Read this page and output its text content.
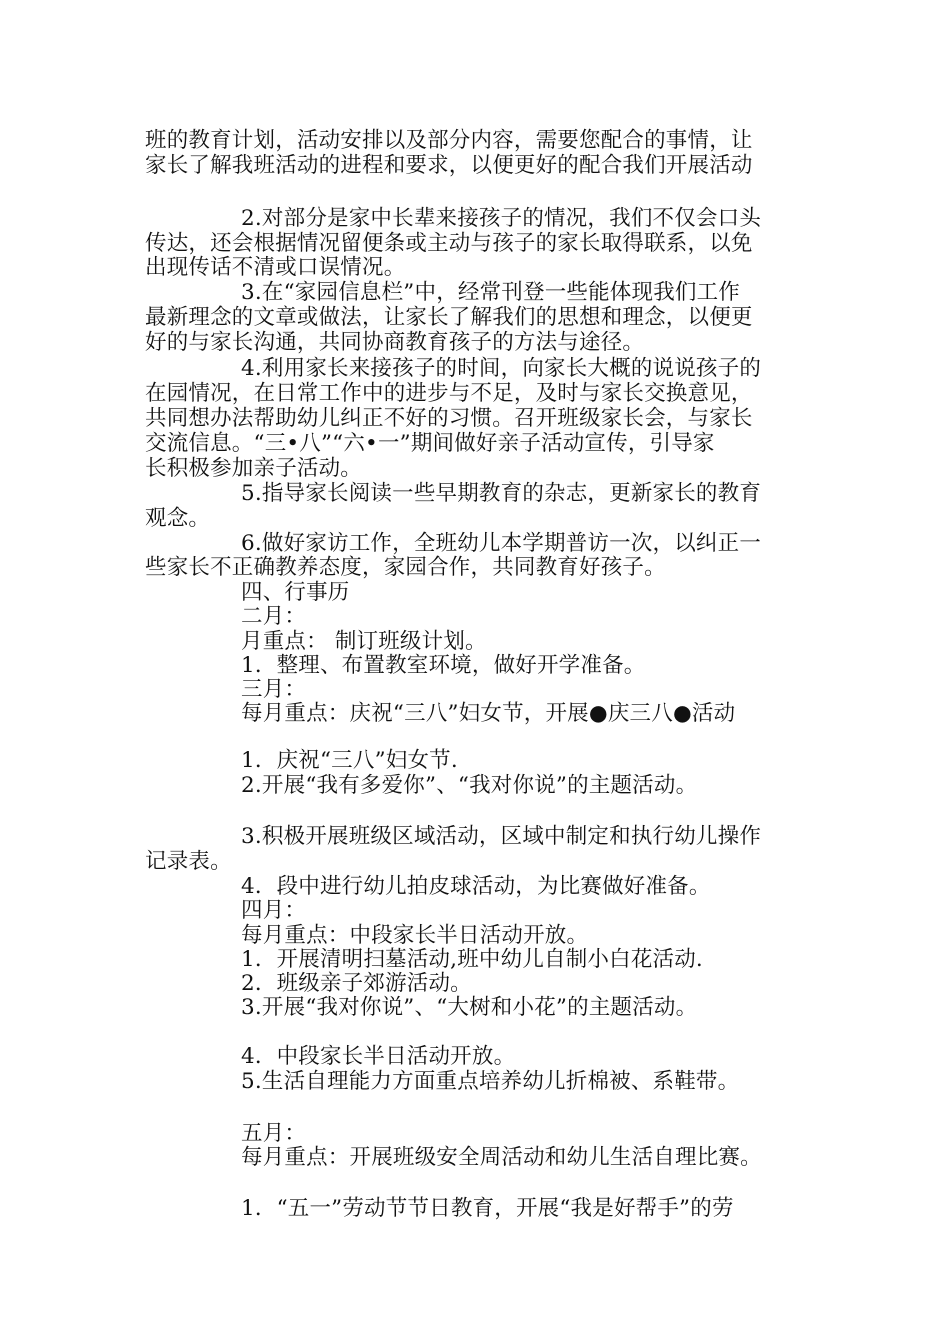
班的教育计划，活动安排以及部分内容，需要您配合的事情，让
家长了解我班活动的进程和要求，以便更好的配合我们开展活动
2.对部分是家中长辈来接孩子的情况，我们不仅会口头
传达，还会根据情况留便条或主动与孩子的家长取得联系，以免
出现传话不清或口误情况。
3.在“家园信息栏”中，经常刊登一些能体现我们工作
最新理念的文章或做法，让家长了解我们的思想和理念，以便更
好的与家长沟通，共同协商教育孩子的方法与途径。
4.利用家长来接孩子的时间，向家长大概的说说孩子的
在园情况，在日常工作中的进步与不足，及时与家长交换意见，
共同想办法帮助幼儿纠正不好的习惯。召开班级家长会，与家长
交流信息。“三•八”“六•一”期间做好亲子活动宣传，引导家
长积极参加亲子活动。
5.指导家长阅读一些早期教育的杂志，更新家长的教育
观念。
6.做好家访工作，全班幼儿本学期普访一次，以纠正一
些家长不正确教养态度，家园合作，共同教育好孩子。
四、行事历
二月：
月重点： 制订班级计划。
1．整理、布置教室环境，做好开学准备。
三月：
每月重点：庆祝“三八”妇女节，开展●庆三八●活动
1．庆祝“三八”妇女节.
2.开展“我有多爱你”、“我对你说”的主题活动。
3.积极开展班级区域活动，区域中制定和执行幼儿操作
记录表。
4．段中进行幼儿拍皮球活动，为比赛做好准备。
四月：
每月重点：中段家长半日活动开放。
1．开展清明扫墓活动,班中幼儿自制小白花活动.
2．班级亲子郊游活动。
3.开展“我对你说”、“大树和小花”的主题活动。
4．中段家长半日活动开放。
5.生活自理能力方面重点培养幼儿折棉被、系鞋带。
五月：
每月重点：开展班级安全周活动和幼儿生活自理比赛。
1．“五一”劳动节节日教育，开展“我是好帮手”的劳
